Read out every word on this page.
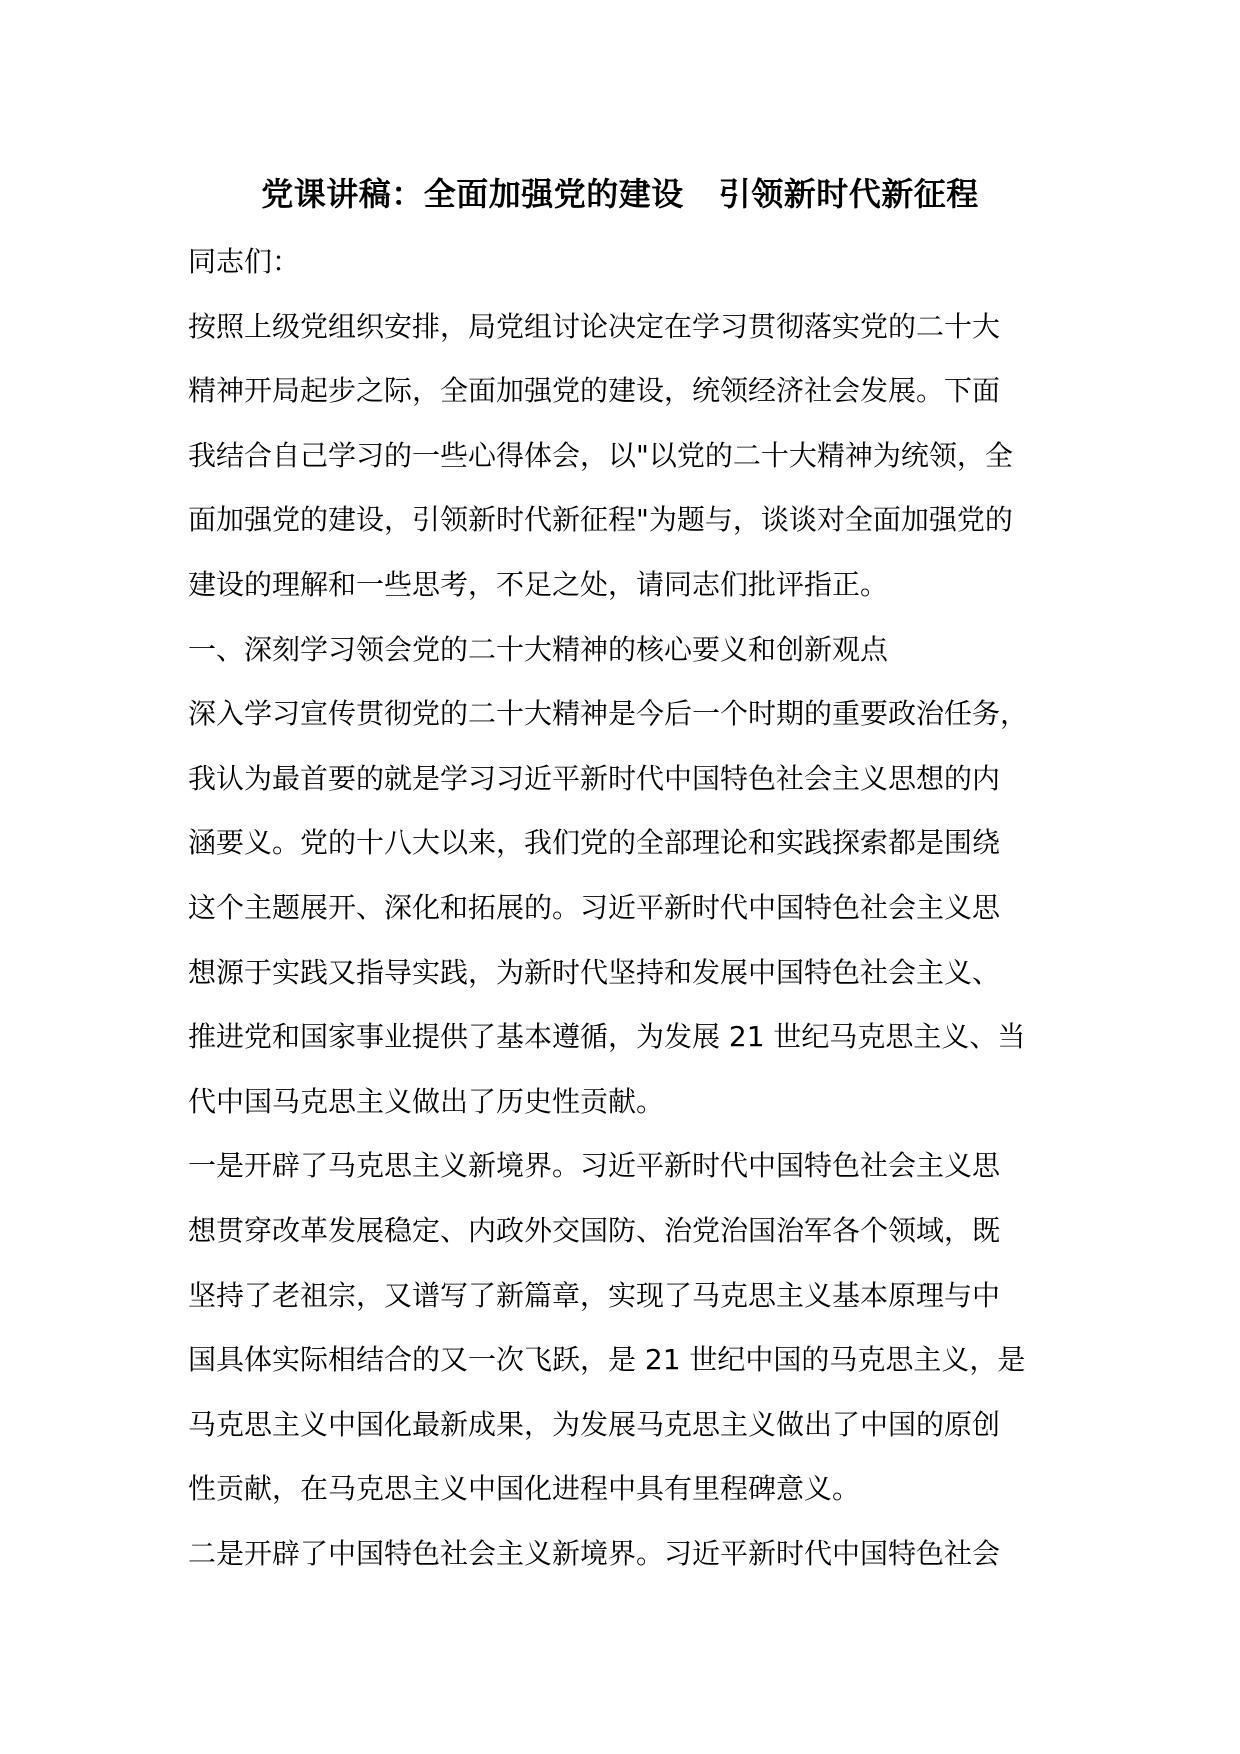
党课讲稿：全面加强党的建设   引领新时代新征程
同志们：
按照上级党组织安排，局党组讨论决定在学习贯彻落实党的二十大
精神开局起步之际，全面加强党的建设，统领经济社会发展。下面
我结合自己学习的一些心得体会，以"以党的二十大精神为统领，全
面加强党的建设，引领新时代新征程"为题与，谈谈对全面加强党的
建设的理解和一些思考，不足之处，请同志们批评指正。
一、深刻学习领会党的二十大精神的核心要义和创新观点
深入学习宣传贯彻党的二十大精神是今后一个时期的重要政治任务，
我认为最首要的就是学习习近平新时代中国特色社会主义思想的内
涵要义。党的十八大以来，我们党的全部理论和实践探索都是围绕
这个主题展开、深化和拓展的。习近平新时代中国特色社会主义思
想源于实践又指导实践，为新时代坚持和发展中国特色社会主义、
推进党和国家事业提供了基本遵循，为发展 21 世纪马克思主义、当
代中国马克思主义做出了历史性贡献。
一是开辟了马克思主义新境界。习近平新时代中国特色社会主义思
想贯穿改革发展稳定、内政外交国防、治党治国治军各个领域，既
坚持了老祖宗，又谱写了新篇章，实现了马克思主义基本原理与中
国具体实际相结合的又一次飞跃，是 21 世纪中国的马克思主义，是
马克思主义中国化最新成果，为发展马克思主义做出了中国的原创
性贡献，在马克思主义中国化进程中具有里程碑意义。
二是开辟了中国特色社会主义新境界。习近平新时代中国特色社会
